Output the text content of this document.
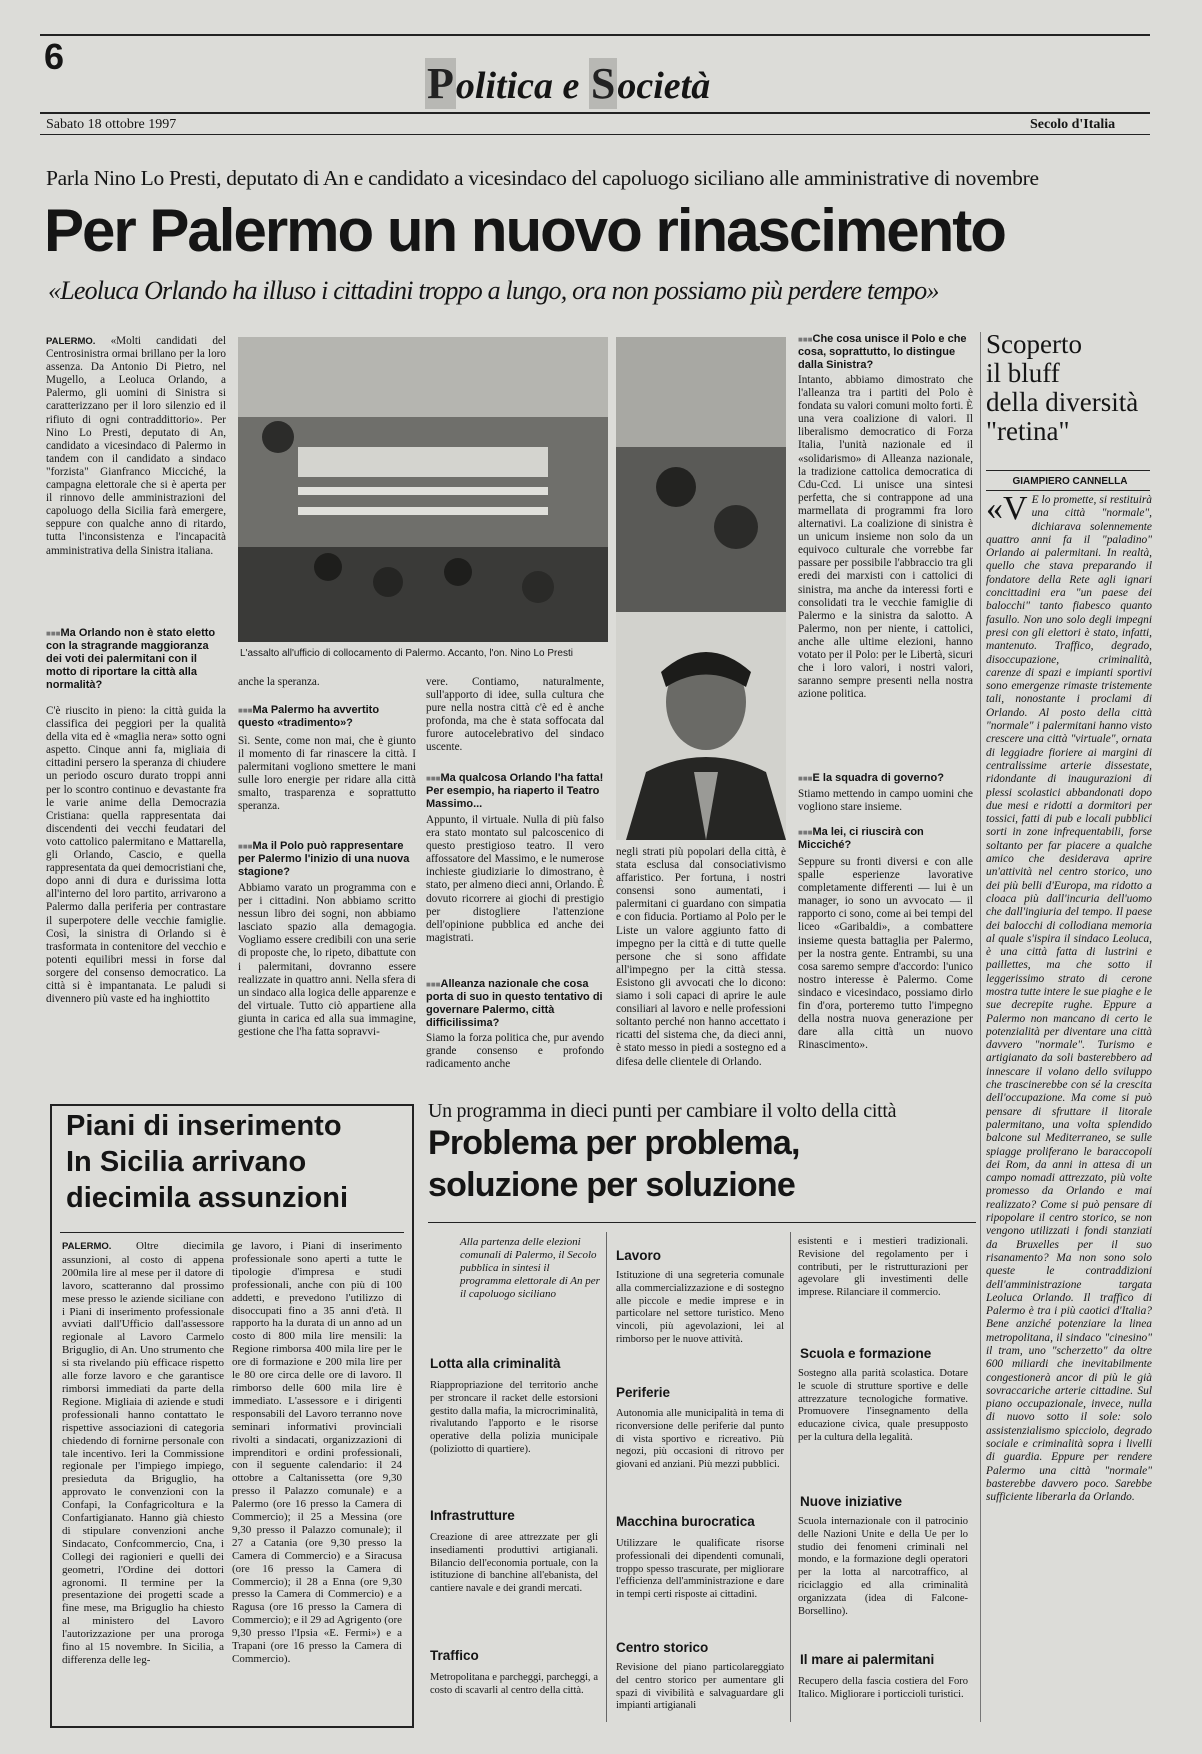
6
Politica e Società
Sabato 18 ottobre 1997	Secolo d'Italia
Parla Nino Lo Presti, deputato di An e candidato a vicesindaco del capoluogo siciliano alle amministrative di novembre
Per Palermo un nuovo rinascimento
«Leoluca Orlando ha illuso i cittadini troppo a lungo, ora non possiamo più perdere tempo»
PALERMO. «Molti candidati del Centrosinistra ormai brillano per la loro assenza. Da Antonio Di Pietro, nel Mugello, a Leoluca Orlando, a Palermo, gli uomini di Sinistra si caratterizzano per il loro silenzio ed il rifiuto di ogni contraddittorio». Per Nino Lo Presti, deputato di An, candidato a vicesindaco di Palermo in tandem con il candidato a sindaco "forzista" Gianfranco Micciché, la campagna elettorale che si è aperta per il rinnovo delle amministrazioni del capoluogo della Sicilia farà emergere, seppure con qualche anno di ritardo, tutta l'inconsistenza e l'incapacità amministrativa della Sinistra italiana.
■■■ Ma Orlando non è stato eletto con la stragrande maggioranza dei voti dei palermitani con il motto di riportare la città alla normalità?
C'è riuscito in pieno: la città guida la classifica dei peggiori per la qualità della vita ed è «maglia nera» sotto ogni aspetto. Cinque anni fa, migliaia di cittadini persero la speranza di chiudere un periodo oscuro durato troppi anni per lo scontro continuo e devastante fra le varie anime della Democrazia Cristiana: quella rappresentata dai discendenti dei vecchi feudatari del voto cattolico palermitano e Mattarella, gli Orlando, Cascio, e quella rappresentata da quei democristiani che, dopo anni di dura e durissima lotta all'interno del loro partito, arrivarono a Palermo dalla periferia per contrastare il superpotere delle vecchie famiglie. Così, la sinistra di Orlando si è trasformata in contenitore del vecchio e potenti equilibri messi in forse dal sorgere del consenso democratico. La città si è impantanata. Le paludi si divennero più vaste ed ha inghiottito
L'assalto all'ufficio di collocamento di Palermo. Accanto, l'on. Nino Lo Presti
anche la speranza.
■■■ Ma Palermo ha avvertito questo «tradimento»?
Sì. Sente, come non mai, che è giunto il momento di far rinascere la città. I palermitani vogliono smettere le mani sulle loro energie per ridare alla città smalto, trasparenza e soprattutto speranza.
■■■ Ma il Polo può rappresentare per Palermo l'inizio di una nuova stagione?
Abbiamo varato un programma con e per i cittadini. Non abbiamo scritto nessun libro dei sogni, non abbiamo lasciato spazio alla demagogia. Vogliamo essere credibili con una serie di proposte che, lo ripeto, dibattute con i palermitani, dovranno essere realizzate in quattro anni. Nella sfera di un sindaco alla logica delle apparenze e del virtuale. Tutto ciò appartiene alla giunta in carica ed alla sua immagine, gestione che l'ha fatta sopravvi-
vere. Contiamo, naturalmente, sull'apporto di idee, sulla cultura che pure nella nostra città c'è ed è anche profonda, ma che è stata soffocata dal furore autocelebrativo del sindaco uscente.
■■■ Ma qualcosa Orlando l'ha fatta! Per esempio, ha riaperto il Teatro Massimo...
Appunto, il virtuale. Nulla di più falso era stato montato sul palcoscenico di questo prestigioso teatro. Il vero affossatore del Massimo, e le numerose inchieste giudiziarie lo dimostrano, è stato, per almeno dieci anni, Orlando. È dovuto ricorrere ai giochi di prestigio per distogliere l'attenzione dell'opinione pubblica ed anche dei magistrati.
■■■ Alleanza nazionale che cosa porta di suo in questo tentativo di governare Palermo, città difficilissima?
Siamo la forza politica che, pur avendo grande consenso e profondo radicamento anche
negli strati più popolari della città, è stata esclusa dal consociativismo affaristico. Per fortuna, i nostri consensi sono aumentati, i palermitani ci guardano con simpatia e con fiducia. Portiamo al Polo per le Liste un valore aggiunto fatto di impegno per la città e di tutte quelle persone che si sono affidate all'impegno per la città stessa. Esistono gli avvocati che lo dicono: siamo i soli capaci di aprire le aule consiliari al lavoro e nelle professioni soltanto perché non hanno accettato i ricatti del sistema che, da dieci anni, è stato messo in piedi a sostegno ed a difesa delle clientele di Orlando.
■■■ Che cosa unisce il Polo e che cosa, soprattutto, lo distingue dalla Sinistra?
Intanto, abbiamo dimostrato che l'alleanza tra i partiti del Polo è fondata su valori comuni molto forti. È una vera coalizione di valori. Il liberalismo democratico di Forza Italia, l'unità nazionale ed il «solidarismo» di Alleanza nazionale, la tradizione cattolica democratica di Cdu-Ccd. Li unisce una sintesi perfetta, che si contrappone ad una marmellata di programmi fra loro alternativi. La coalizione di sinistra è un unicum insieme non solo da un equivoco culturale che vorrebbe far passare per possibile l'abbraccio tra gli eredi dei marxisti con i cattolici di sinistra, ma anche da interessi forti e consolidati tra le vecchie famiglie di Palermo e la sinistra da salotto. A Palermo, non per niente, i cattolici, anche alle ultime elezioni, hanno votato per il Polo: per le Libertà, sicuri che i loro valori, i nostri valori, saranno sempre presenti nella nostra azione politica.
■■■ E la squadra di governo?
Stiamo mettendo in campo uomini che vogliono stare insieme.
■■■ Ma lei, ci riuscirà con Micciché?
Seppure su fronti diversi e con alle spalle esperienze lavorative completamente differenti — lui è un manager, io sono un avvocato — il rapporto ci sono, come ai bei tempi del liceo «Garibaldi», a combattere insieme questa battaglia per Palermo, per la nostra gente. Entrambi, su una cosa saremo sempre d'accordo: l'unico nostro interesse è Palermo. Come sindaco e vicesindaco, possiamo dirlo fin d'ora, porteremo tutto l'impegno della nostra nuova generazione per dare alla città un nuovo Rinascimento».
Scoperto
il bluff
della diversità
"retina"
GIAMPIERO CANNELLA
«V E lo promette, si restituirà una città "normale", dichiarava solennemente quattro anni fa il "paladino" Orlando ai palermitani. In realtà, quello che stava preparando il fondatore della Rete agli ignari concittadini era "un paese dei balocchi" tanto fiabesco quanto fasullo. Non uno solo degli impegni presi con gli elettori è stato, infatti, mantenuto. Traffico, degrado, disoccupazione, criminalità, carenze di spazi e impianti sportivi sono emergenze rimaste tristemente tali, nonostante i proclami di Orlando. Al posto della città "normale" i palermitani hanno visto crescere una città "virtuale", ornata di leggiadre fioriere ai margini di centralissime arterie dissestate, ridondante di inaugurazioni di plessi scolastici abbandonati dopo due mesi e ridotti a dormitori per tossici, fatti di pub e locali pubblici sorti in zone infrequentabili, forse soltanto per far piacere a qualche amico che desiderava aprire un'attività nel centro storico, uno dei più belli d'Europa, ma ridotto a cloaca più dall'incuria dell'uomo che dall'ingiuria del tempo. Il paese dei balocchi di collodiana memoria al quale s'ispira il sindaco Leoluca, è una città fatta di lustrini e paillettes, ma che sotto il leggerissimo strato di cerone mostra tutte intere le sue piaghe e le sue decrepite rughe. Eppure a Palermo non mancano di certo le potenzialità per diventare una città davvero "normale". Turismo e artigianato da soli basterebbero ad innescare il volano dello sviluppo che trascinerebbe con sé la crescita dell'occupazione. Ma come si può pensare di sfruttare il litorale palermitano, una volta splendido balcone sul Mediterraneo, se sulle spiagge proliferano le baraccopoli dei Rom, da anni in attesa di un campo nomadi attrezzato, più volte promesso da Orlando e mai realizzato? Come si può pensare di ripopolare il centro storico, se non vengono utilizzati i fondi stanziati da Bruxelles per il suo risanamento? Ma non sono solo queste le contraddizioni dell'amministrazione targata Leoluca Orlando. Il traffico di Palermo è tra i più caotici d'Italia? Bene anziché potenziare la linea metropolitana, il sindaco "cinesino" il tram, uno "scherzetto" da oltre 600 miliardi che inevitabilmente congestionerà ancor di più le già sovraccariche arterie cittadine. Sul piano occupazionale, invece, nulla di nuovo sotto il sole: solo assistenzialismo spicciolo, degrado sociale e criminalità sopra i livelli di guardia. Eppure per rendere Palermo una città "normale" basterebbe davvero poco. Sarebbe sufficiente liberarla da Orlando.
Piani di inserimento
In Sicilia arrivano
diecimila assunzioni
PALERMO. Oltre diecimila assunzioni, al costo di appena 200mila lire al mese per il datore di lavoro, scatteranno dal prossimo mese presso le aziende siciliane con i Piani di inserimento professionale avviati dall'Ufficio dall'assessore regionale al Lavoro Carmelo Briguglio, di An. Uno strumento che si sta rivelando più efficace rispetto alle forze lavoro e che garantisce rimborsi immediati da parte della Regione. Migliaia di aziende e studi professionali hanno contattato le rispettive associazioni di categoria chiedendo di fornirne personale con tale incentivo. Ieri la Commissione regionale per l'impiego impiego, presieduta da Briguglio, ha approvato le convenzioni con la Confapi, la Confagricoltura e la Confartigianato. Hanno già chiesto di stipulare convenzioni anche Sindacato, Confcommercio, Cna, i Collegi dei ragionieri e quelli dei geometri, l'Ordine dei dottori agronomi. Il termine per la presentazione dei progetti scade a fine mese, ma Briguglio ha chiesto al ministero del Lavoro l'autorizzazione per una proroga fino al 15 novembre. In Sicilia, a differenza delle leg-
ge lavoro, i Piani di inserimento professionale sono aperti a tutte le tipologie d'impresa e studi professionali, anche con più di 100 addetti, e prevedono l'utilizzo di disoccupati fino a 35 anni d'età. Il rapporto ha la durata di un anno ad un costo di 800 mila lire mensili: la Regione rimborsa 400 mila lire per le ore di formazione e 200 mila lire per le 80 ore circa delle ore di lavoro. Il rimborso delle 600 mila lire è immediato. L'assessore e i dirigenti responsabili del Lavoro terranno nove seminari informativi provinciali rivolti a sindacati, organizzazioni di imprenditori e ordini professionali, con il seguente calendario: il 24 ottobre a Caltanissetta (ore 9,30 presso il Palazzo comunale) e a Palermo (ore 16 presso la Camera di Commercio); il 25 a Messina (ore 9,30 presso il Palazzo comunale); il 27 a Catania (ore 9,30 presso la Camera di Commercio) e a Siracusa (ore 16 presso la Camera di Commercio); il 28 a Enna (ore 9,30 presso la Camera di Commercio) e a Ragusa (ore 16 presso la Camera di Commercio); e il 29 ad Agrigento (ore 9,30 presso l'Ipsia «E. Fermi») e a Trapani (ore 16 presso la Camera di Commercio).
Un programma in dieci punti per cambiare il volto della città
Problema per problema,
soluzione per soluzione
Alla partenza delle elezioni comunali di Palermo, il Secolo pubblica in sintesi il programma elettorale di An per il capoluogo siciliano
Lotta alla criminalità
Riappropriazione del territorio anche per stroncare il racket delle estorsioni gestito dalla mafia, la microcriminalità, rivalutando l'apporto e le risorse operative della polizia municipale (poliziotto di quartiere).
Infrastrutture
Creazione di aree attrezzate per gli insediamenti produttivi artigianali. Bilancio dell'economia portuale, con la istituzione di banchine all'ebanista, del cantiere navale e dei grandi mercati.
Traffico
Metropolitana e parcheggi, parcheggi, a costo di scavarli al centro della città.
Lavoro
Istituzione di una segreteria comunale alla commercializzazione e di sostegno alle piccole e medie imprese e in particolare nel settore turistico. Meno vincoli, più agevolazioni, lei al rimborso per le nuove attività.
Periferie
Autonomia alle municipalità in tema di riconversione delle periferie dal punto di vista sportivo e ricreativo. Più negozi, più occasioni di ritrovo per giovani ed anziani. Più mezzi pubblici.
Macchina burocratica
Utilizzare le qualificate risorse professionali dei dipendenti comunali, troppo spesso trascurate, per migliorare l'efficienza dell'amministrazione e dare in tempi certi risposte ai cittadini.
Centro storico
Revisione del piano particolareggiato del centro storico per aumentare gli spazi di vivibilità e salvaguardare gli impianti artigianali
esistenti e i mestieri tradizionali. Revisione del regolamento per i contributi, per le ristrutturazioni per agevolare gli investimenti delle imprese. Rilanciare il commercio.
Scuola e formazione
Sostegno alla parità scolastica. Dotare le scuole di strutture sportive e delle attrezzature tecnologiche formative. Promuovere l'insegnamento della educazione civica, quale presupposto per la cultura della legalità.
Nuove iniziative
Scuola internazionale con il patrocinio delle Nazioni Unite e della Ue per lo studio dei fenomeni criminali nel mondo, e la formazione degli operatori per la lotta al narcotraffico, al riciclaggio ed alla criminalità organizzata (idea di Falcone-Borsellino).
Il mare ai palermitani
Recupero della fascia costiera del Foro Italico. Migliorare i porticcioli turistici.
